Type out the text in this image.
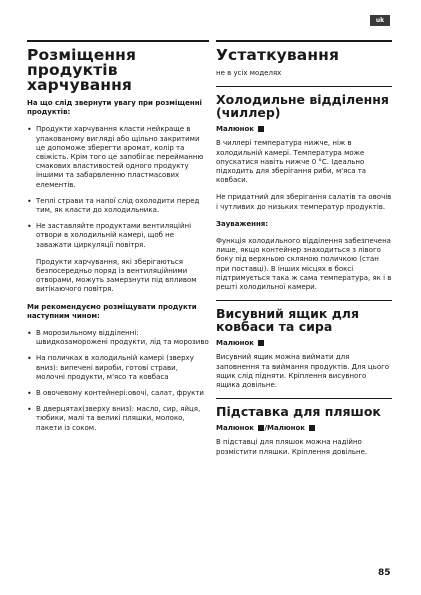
uk
Розміщення продуктів харчування

На що слід звернути увагу при розміщенні продуктів:

• Продукти харчування класти нейкраще в упакованому вигляді або щільно закритими це допоможе зберегти аромат, колір та свіжість. Крім того це запобігає перейманню смакових властивостей одного продукту іншими та забарвленню пластмасових елементів.
• Теплі страви та напої слід охолодити перед тим, як класти до холодильника.
• Не заставляйте продуктами вентиляційні отвори в холодильній камері, щоб не заважати циркуляції повітря.

Продукти харчування, які зберігаються безпосередньо поряд із вентиляційними отворами, можуть замерзнути під впливом витікаючого повітря.

Ми рекомендуємо розміщувати продукти наступним чином:

• В морозильному відділенні: швидкозаморожені продукти, лід та морозиво
• На поличках в холодильній камері (зверху вниз): випечені вироби, готові страви, молочні продукти, м'ясо та ковбаса
• В овочевому контейнері:овочі, салат, фрукти
• В дверцятах(зверху вниз): масло, сир, яйця, тюбики, малі та великі пляшки, молоко, пакети із соком.
Устаткування

не в усіх моделях

Холодильне відділення (чиллер)

Малюнок

В чиллері температура нижче, ніж в холодильній камері. Температура може опускатися навіть нижче 0 °C. Ідеально підходить для зберігання риби, м'яса та ковбаси.

Не придатний для зберігання салатів та овочів і чутливих до низьких температур продуктів.

Зауваження:

Функція холодильного відділення забезпечена лише, якщо контейнер знаходиться з лівого боку під верхньою скляною поличкою (стан при поставці). В інших місцях в боксі підтримується така ж сама температура, як і в решті холодильної камери.

Висувний ящик для ковбаси та сира

Малюнок

Висувний ящик можна виймати для заповнення та виймання продуктів. Для цього ящик слід підняти. Кріплення висувного ящика довільне.

Підставка для пляшок

Малюнок /Малюнок

В підставці для пляшок можна надійно розмістити пляшки. Кріплення довільне.

85
